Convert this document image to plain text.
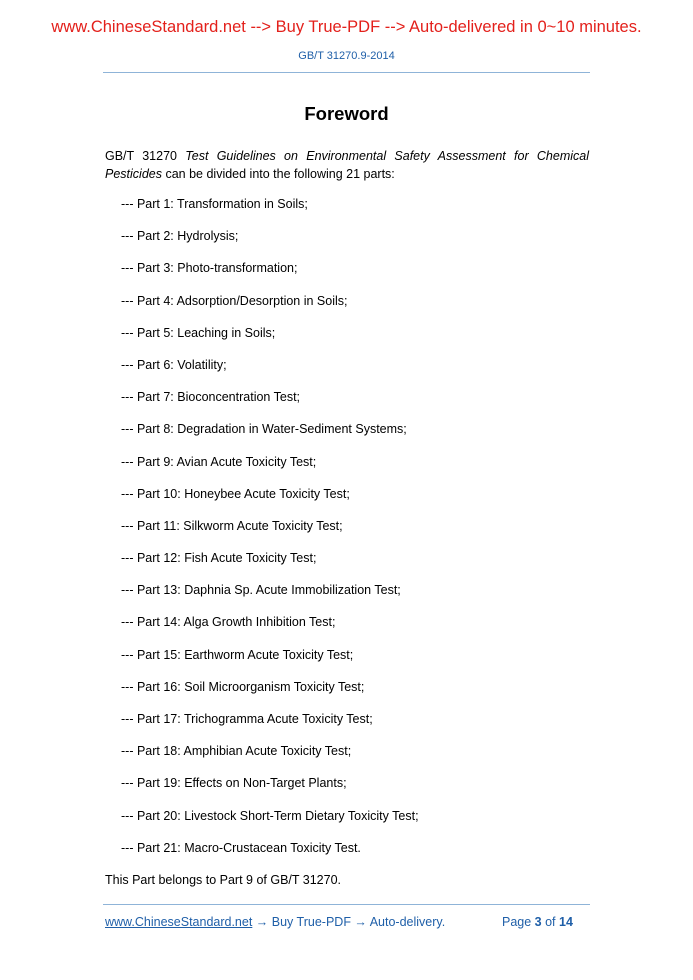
www.ChineseStandard.net --> Buy True-PDF --> Auto-delivered in 0~10 minutes.
GB/T 31270.9-2014
Foreword
GB/T 31270 Test Guidelines on Environmental Safety Assessment for Chemical Pesticides can be divided into the following 21 parts:
--- Part 1: Transformation in Soils;
--- Part 2: Hydrolysis;
--- Part 3: Photo-transformation;
--- Part 4: Adsorption/Desorption in Soils;
--- Part 5: Leaching in Soils;
--- Part 6: Volatility;
--- Part 7: Bioconcentration Test;
--- Part 8: Degradation in Water-Sediment Systems;
--- Part 9: Avian Acute Toxicity Test;
--- Part 10: Honeybee Acute Toxicity Test;
--- Part 11: Silkworm Acute Toxicity Test;
--- Part 12: Fish Acute Toxicity Test;
--- Part 13: Daphnia Sp. Acute Immobilization Test;
--- Part 14: Alga Growth Inhibition Test;
--- Part 15: Earthworm Acute Toxicity Test;
--- Part 16: Soil Microorganism Toxicity Test;
--- Part 17: Trichogramma Acute Toxicity Test;
--- Part 18: Amphibian Acute Toxicity Test;
--- Part 19: Effects on Non-Target Plants;
--- Part 20: Livestock Short-Term Dietary Toxicity Test;
--- Part 21: Macro-Crustacean Toxicity Test.
This Part belongs to Part 9 of GB/T 31270.
www.ChineseStandard.net → Buy True-PDF → Auto-delivery.	Page 3 of 14
